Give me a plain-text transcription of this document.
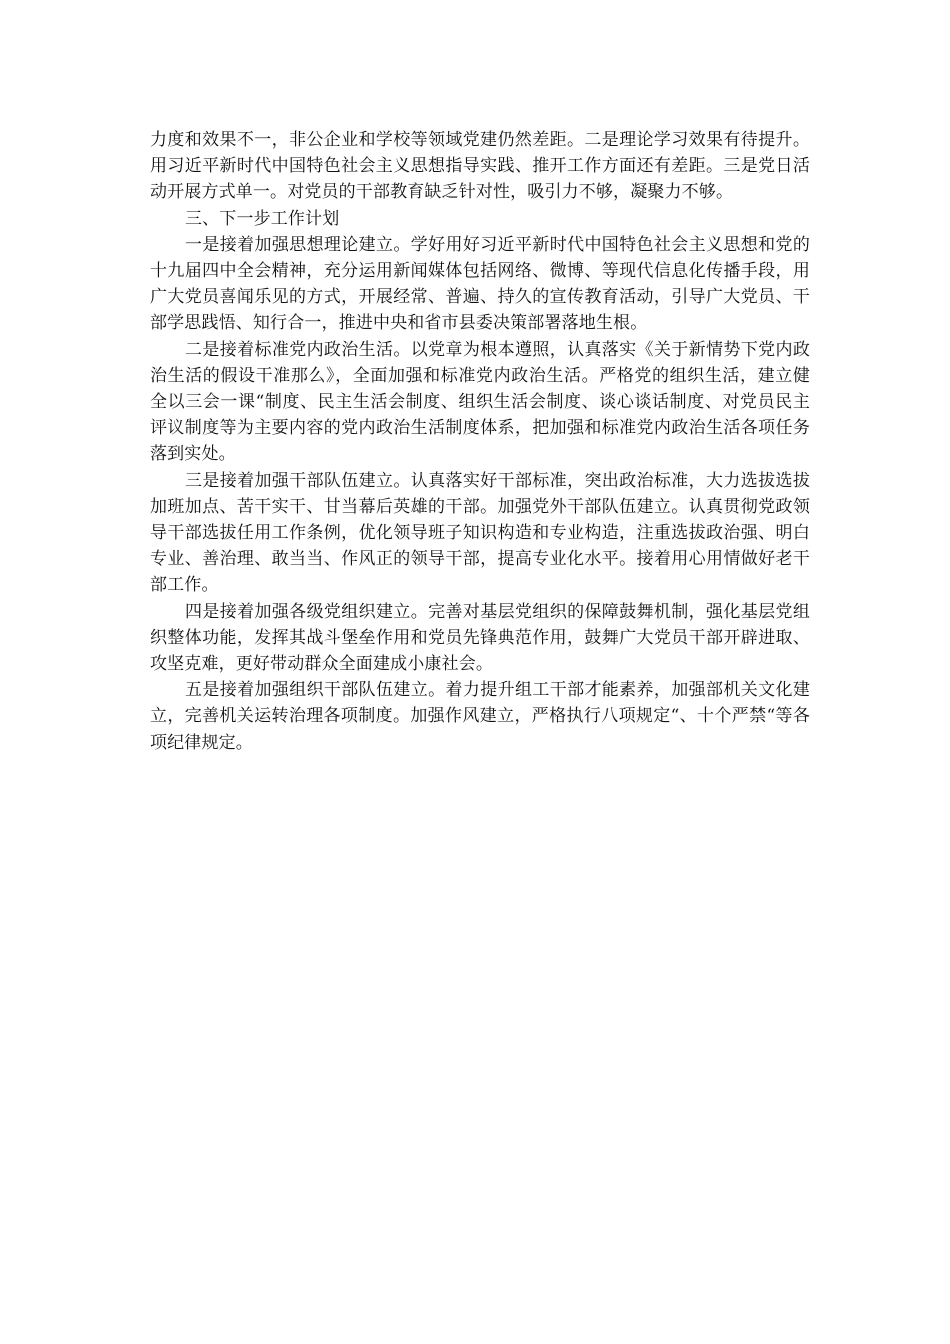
力度和效果不一，非公企业和学校等领域党建仍然差距。二是理论学习效果有待提升。用习近平新时代中国特色社会主义思想指导实践、推开工作方面还有差距。三是党日活动开展方式单一。对党员的干部教育缺乏针对性，吸引力不够，凝聚力不够。

三、下一步工作计划

一是接着加强思想理论建立。学好用好习近平新时代中国特色社会主义思想和党的十九届四中全会精神，充分运用新闻媒体包括网络、微博、等现代信息化传播手段，用广大党员喜闻乐见的方式，开展经常、普遍、持久的宣传教育活动，引导广大党员、干部学思践悟、知行合一，推进中央和省市县委决策部署落地生根。

二是接着标准党内政治生活。以党章为根本遵照，认真落实《关于新情势下党内政治生活的假设干准那么》，全面加强和标准党内政治生活。严格党的组织生活，建立健全以三会一课“制度、民主生活会制度、组织生活会制度、谈心谈话制度、对党员民主评议制度等为主要内容的党内政治生活制度体系，把加强和标准党内政治生活各项任务落到实处。

三是接着加强干部队伍建立。认真落实好干部标准，突出政治标准，大力选拔选拔加班加点、苦干实干、甘当幕后英雄的干部。加强党外干部队伍建立。认真贯彻党政领导干部选拔任用工作条例，优化领导班子知识构造和专业构造，注重选拔政治强、明白专业、善治理、敢当当、作风正的领导干部，提高专业化水平。接着用心用情做好老干部工作。

四是接着加强各级党组织建立。完善对基层党组织的保障鼓舞机制，强化基层党组织整体功能，发挥其战斗堡垒作用和党员先锋典范作用，鼓舞广大党员干部开辟进取、攻坚克难，更好带动群众全面建成小康社会。

五是接着加强组织干部队伍建立。着力提升组工干部才能素养，加强部机关文化建立，完善机关运转治理各项制度。加强作风建立，严格执行八项规定“、十个严禁“等各项纪律规定。
